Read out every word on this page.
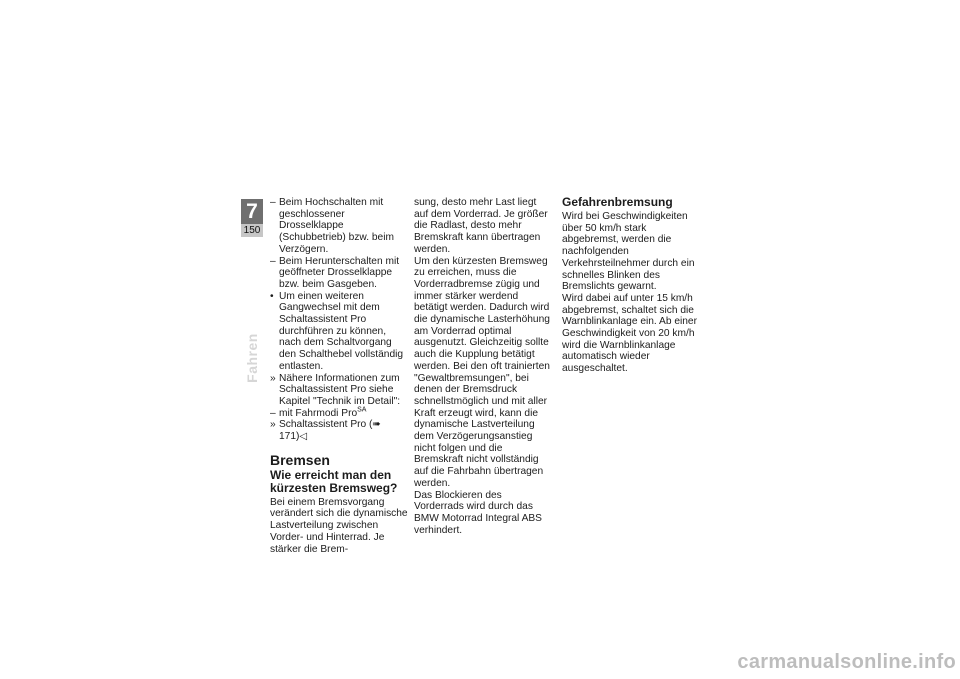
7
150
Fahren
– Beim Hochschalten mit geschlossener Drosselklappe (Schubbetrieb) bzw. beim Verzögern.
– Beim Herunterschalten mit geöffneter Drosselklappe bzw. beim Gasgeben.
• Um einen weiteren Gangwechsel mit dem Schaltassistent Pro durchführen zu können, nach dem Schaltvorgang den Schalthebel vollständig entlasten.
» Nähere Informationen zum Schaltassistent Pro siehe Kapitel "Technik im Detail":
– mit Fahrmodi Pro$^{SA}$
» Schaltassistent Pro (➠ 171)◁
Bremsen
Wie erreicht man den kürzesten Bremsweg?

Bei einem Bremsvorgang verändert sich die dynamische Lastverteilung zwischen Vorder- und Hinterrad. Je stärker die Brem-

sung, desto mehr Last liegt auf dem Vorderrad. Je größer die Radlast, desto mehr Bremskraft kann übertragen werden.

Um den kürzesten Bremsweg zu erreichen, muss die Vorderradbremse zügig und immer stärker werdend betätigt werden. Dadurch wird die dynamische Lasterhöhung am Vorderrad optimal ausgenutzt. Gleichzeitig sollte auch die Kupplung betätigt werden. Bei den oft trainierten "Gewaltbremsungen", bei denen der Bremsdruck schnellstmöglich und mit aller Kraft erzeugt wird, kann die dynamische Lastverteilung dem Verzögerungsanstieg nicht folgen und die Bremskraft nicht vollständig auf die Fahrbahn übertragen werden.

Das Blockieren des Vorderrads wird durch das BMW Motorrad Integral ABS verhindert.

Gefahrenbremsung

Wird bei Geschwindigkeiten über 50 km/h stark abgebremst, werden die nachfolgenden Verkehrsteilnehmer durch ein schnelles Blinken des Bremslichts gewarnt.

Wird dabei auf unter 15 km/h abgebremst, schaltet sich die Warnblinkanlage ein. Ab einer Geschwindigkeit von 20 km/h wird die Warnblinkanlage automatisch wieder ausgeschaltet.

carmanualsonline.info
